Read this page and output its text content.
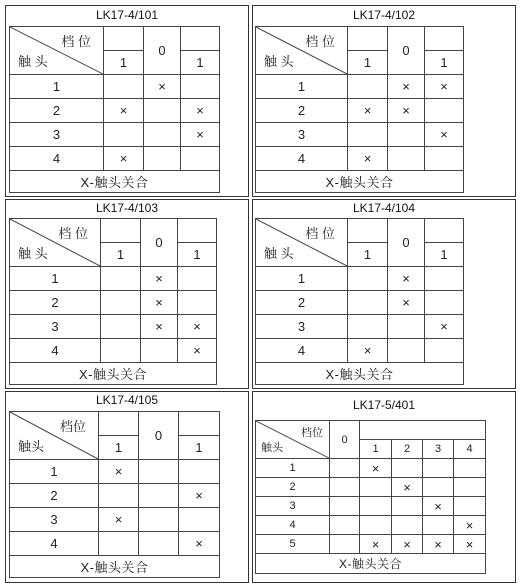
LK17-4/101
档 位
触 头		0	
	1		1
1		×	
2	×		×
3			×
4	×		
X-触头关合			
LK17-4/102
档 位
触 头		0	
	1		1
1		×	×
2	×	×	
3			×
4	×		
X-触头关合			
LK17-4/103
档 位
触 头		0	
	1		1
1		×	
2		×	
3		×	×
4			×
X-触头关合			
LK17-4/104
档 位
触 头		0	
	1		1
1		×	
2		×	
3			×
4	×		
X-触头关合			
LK17-4/105
档位
触头		0	
	1		1
1	×		
2			×
3	×		
4			×
X-触头关合			
LK17-5/401
档位
触头	0				
		1	2	3	4
1		×			
2			×		
3				×	
4					×
5		×	×	×	×
X-触头关合					
